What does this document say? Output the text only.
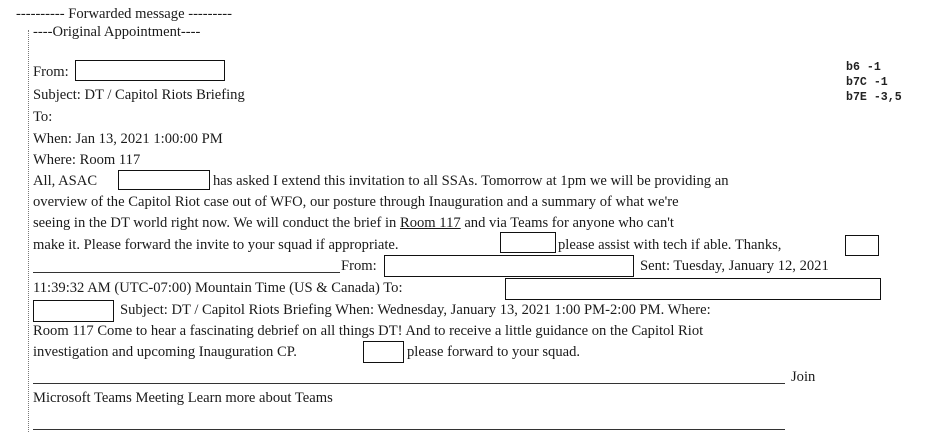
---------- Forwarded message ---------
----Original Appointment----
b6 -1
b7C -1
b7E -3,5
From:
Subject: DT / Capitol Riots Briefing
To:
When: Jan 13, 2021 1:00:00 PM
Where: Room 117
All, ASAC	has asked I extend this invitation to all SSAs. Tomorrow at 1pm we will be providing an
overview of the Capitol Riot case out of WFO, our posture through Inauguration and a summary of what we're
seeing in the DT world right now. We will conduct the brief in Room 117 and via Teams for anyone who can't
make it. Please forward the invite to your squad if appropriate.	please assist with tech if able. Thanks,
From:	Sent: Tuesday, January 12, 2021
11:39:32 AM (UTC-07:00) Mountain Time (US & Canada) To:
Subject: DT / Capitol Riots Briefing When: Wednesday, January 13, 2021 1:00 PM-2:00 PM. Where:
Room 117 Come to hear a fascinating debrief on all things DT! And to receive a little guidance on the Capitol Riot
investigation and upcoming Inauguration CP.	please forward to your squad.
Join
Microsoft Teams Meeting Learn more about Teams
